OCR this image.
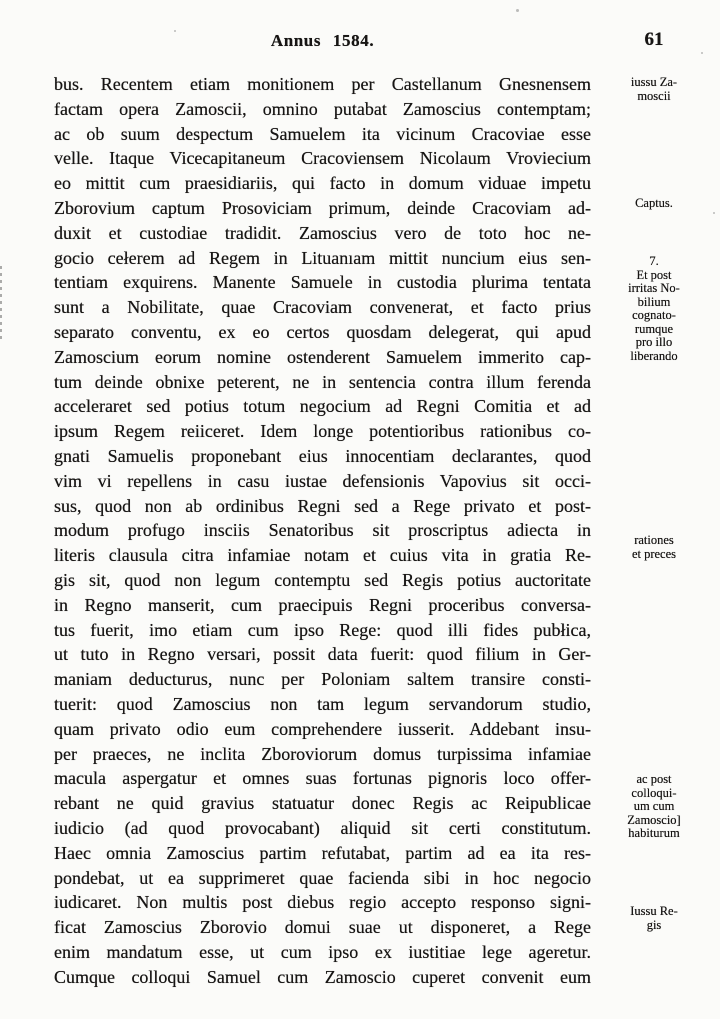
Annus 1584.	61
bus. Recentem etiam monitionem per Castellanum Gnesnensem
factam opera Zamoscii, omnino putabat Zamoscius contemptam;
ac ob suum despectum Samuelem ita vicinum Cracoviae esse
velle. Itaque Vicecapitaneum Cracoviensem Nicolaum Vroviecium
eo mittit cum praesidiariis, qui facto in domum viduae impetu
Zborovium captum Prosoviciam primum, deinde Cracoviam ad-
duxit et custodiae tradidit. Zamoscius vero de toto hoc ne-
gocio cełerem ad Regem in Lituanıam mittit nuncium eius sen-
tentiam exquirens. Manente Samuele in custodia plurima tentata
sunt a Nobilitate, quae Cracoviam convenerat, et facto prius
separato conventu, ex eo certos quosdam delegerat, qui apud
Zamoscium eorum nomine ostenderent Samuelem immerito cap-
tum deinde obnixe peterent, ne in sentencia contra illum ferenda
acceleraret sed potius totum negocium ad Regni Comitia et ad
ipsum Regem reiiceret. Idem longe potentioribus rationibus co-
gnati Samuelis proponebant eius innocentiam declarantes, quod
vim vi repellens in casu iustae defensionis Vapovius sit occi-
sus, quod non ab ordinibus Regni sed a Rege privato et post-
modum profugo insciis Senatoribus sit proscriptus adiecta in
literis clausula citra infamiae notam et cuius vita in gratia Re-
gis sit, quod non legum contemptu sed Regis potius auctoritate
in Regno manserit, cum praecipuis Regni proceribus conversa-
tus fuerit, imo etiam cum ipso Rege: quod illi fides pubłica,
ut tuto in Regno versari, possit data fuerit: quod filium in Ger-
maniam deducturus, nunc per Poloniam saltem transire consti-
tuerit: quod Zamoscius non tam legum servandorum studio,
quam privato odio eum comprehendere iusserit. Addebant insu-
per praeces, ne inclita Zboroviorum domus turpissima infamiae
macula aspergatur et omnes suas fortunas pignoris loco offer-
rebant ne quid gravius statuatur donec Regis ac Reipublicae
iudicio (ad quod provocabant) aliquid sit certi constitutum.
Haec omnia Zamoscius partim refutabat, partim ad ea ita res-
pondebat, ut ea supprimeret quae facienda sibi in hoc negocio
iudicaret. Non multis post diebus regio accepto responso signi-
ficat Zamoscius Zborovio domui suae ut disponeret, a Rege
enim mandatum esse, ut cum ipso ex iustitiae lege ageretur.
Cumque colloqui Samuel cum Zamoscio cuperet convenit eum
iussu Za-
moscii
Captus.
7.
Et post
irritas No-
bilium
cognato-
rumque
pro illo
liberando
rationes
et preces
ac post
colloqui-
um cum
Zamoscio]
habiturum
Iussu Re-
gis
